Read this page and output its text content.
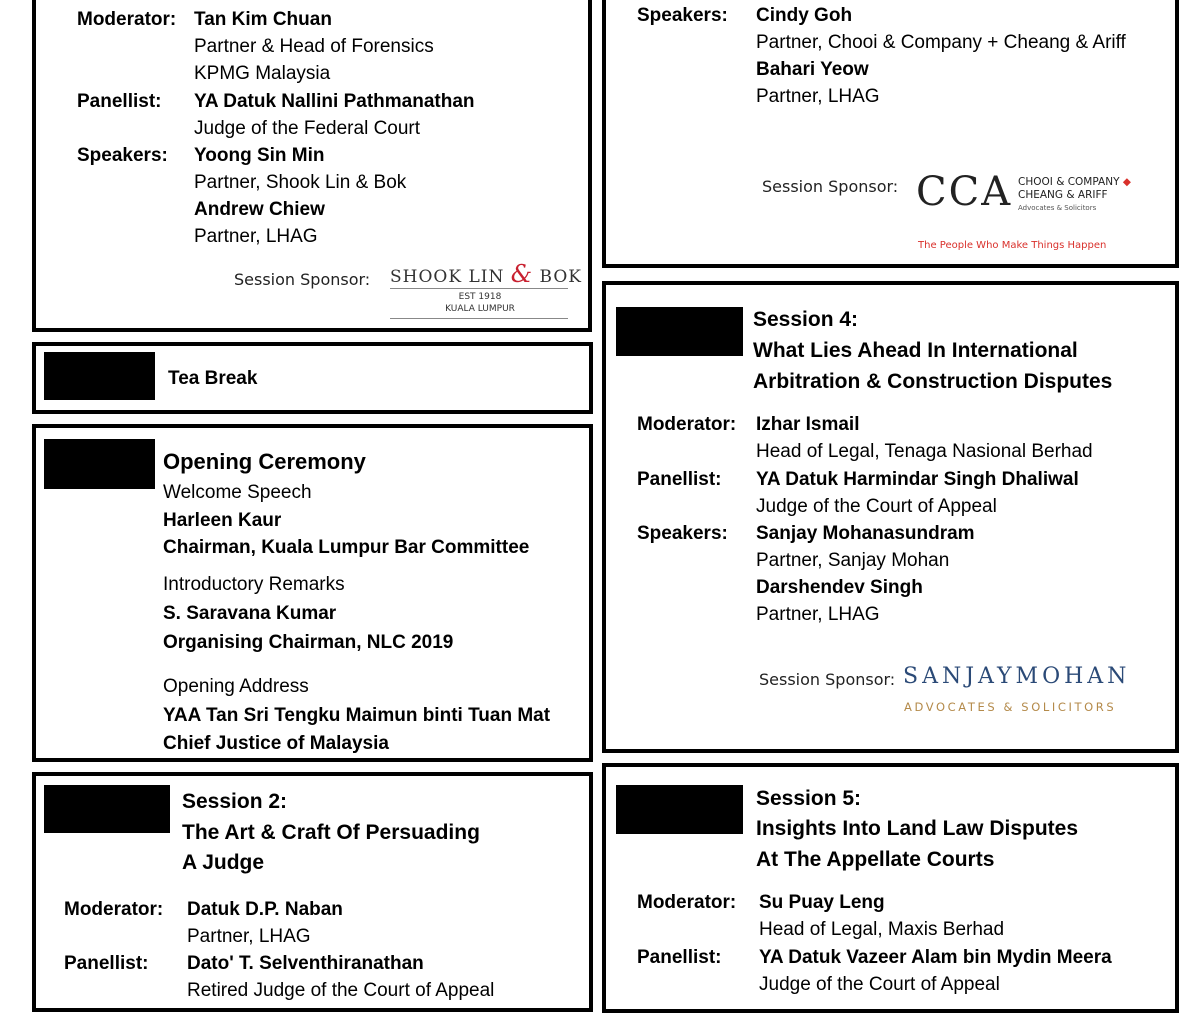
Moderator: Tan Kim Chuan
Partner & Head of Forensics
KPMG Malaysia
Panellist: YA Datuk Nallini Pathmanathan
Judge of the Federal Court
Speakers: Yoong Sin Min
Partner, Shook Lin & Bok
Andrew Chiew
Partner, LHAG
Session Sponsor: SHOOK LIN & BOK
EST 1918
KUALA LUMPUR
Tea Break
Opening Ceremony
Welcome Speech
Harleen Kaur
Chairman, Kuala Lumpur Bar Committee
Introductory Remarks
S. Saravana Kumar
Organising Chairman, NLC 2019
Opening Address
YAA Tan Sri Tengku Maimun binti Tuan Mat
Chief Justice of Malaysia
Session 2:
The Art & Craft Of Persuading
A Judge
Moderator: Datuk D.P. Naban
Partner, LHAG
Panellist: Dato' T. Selventhiranathan
Retired Judge of the Court of Appeal
Speakers: Cindy Goh
Partner, Chooi & Company + Cheang & Ariff
Bahari Yeow
Partner, LHAG
Session Sponsor: CCA CHOOI & COMPANY ◆
CHEANG & ARIFF
Advocates & Solicitors
The People Who Make Things Happen
Session 4:
What Lies Ahead In International
Arbitration & Construction Disputes
Moderator: Izhar Ismail
Head of Legal, Tenaga Nasional Berhad
Panellist: YA Datuk Harmindar Singh Dhaliwal
Judge of the Court of Appeal
Speakers: Sanjay Mohanasundram
Partner, Sanjay Mohan
Darshendev Singh
Partner, LHAG
Session Sponsor: SANJAYMOHAN
ADVOCATES & SOLICITORS
Session 5:
Insights Into Land Law Disputes
At The Appellate Courts
Moderator: Su Puay Leng
Head of Legal, Maxis Berhad
Panellist: YA Datuk Vazeer Alam bin Mydin Meera
Judge of the Court of Appeal
